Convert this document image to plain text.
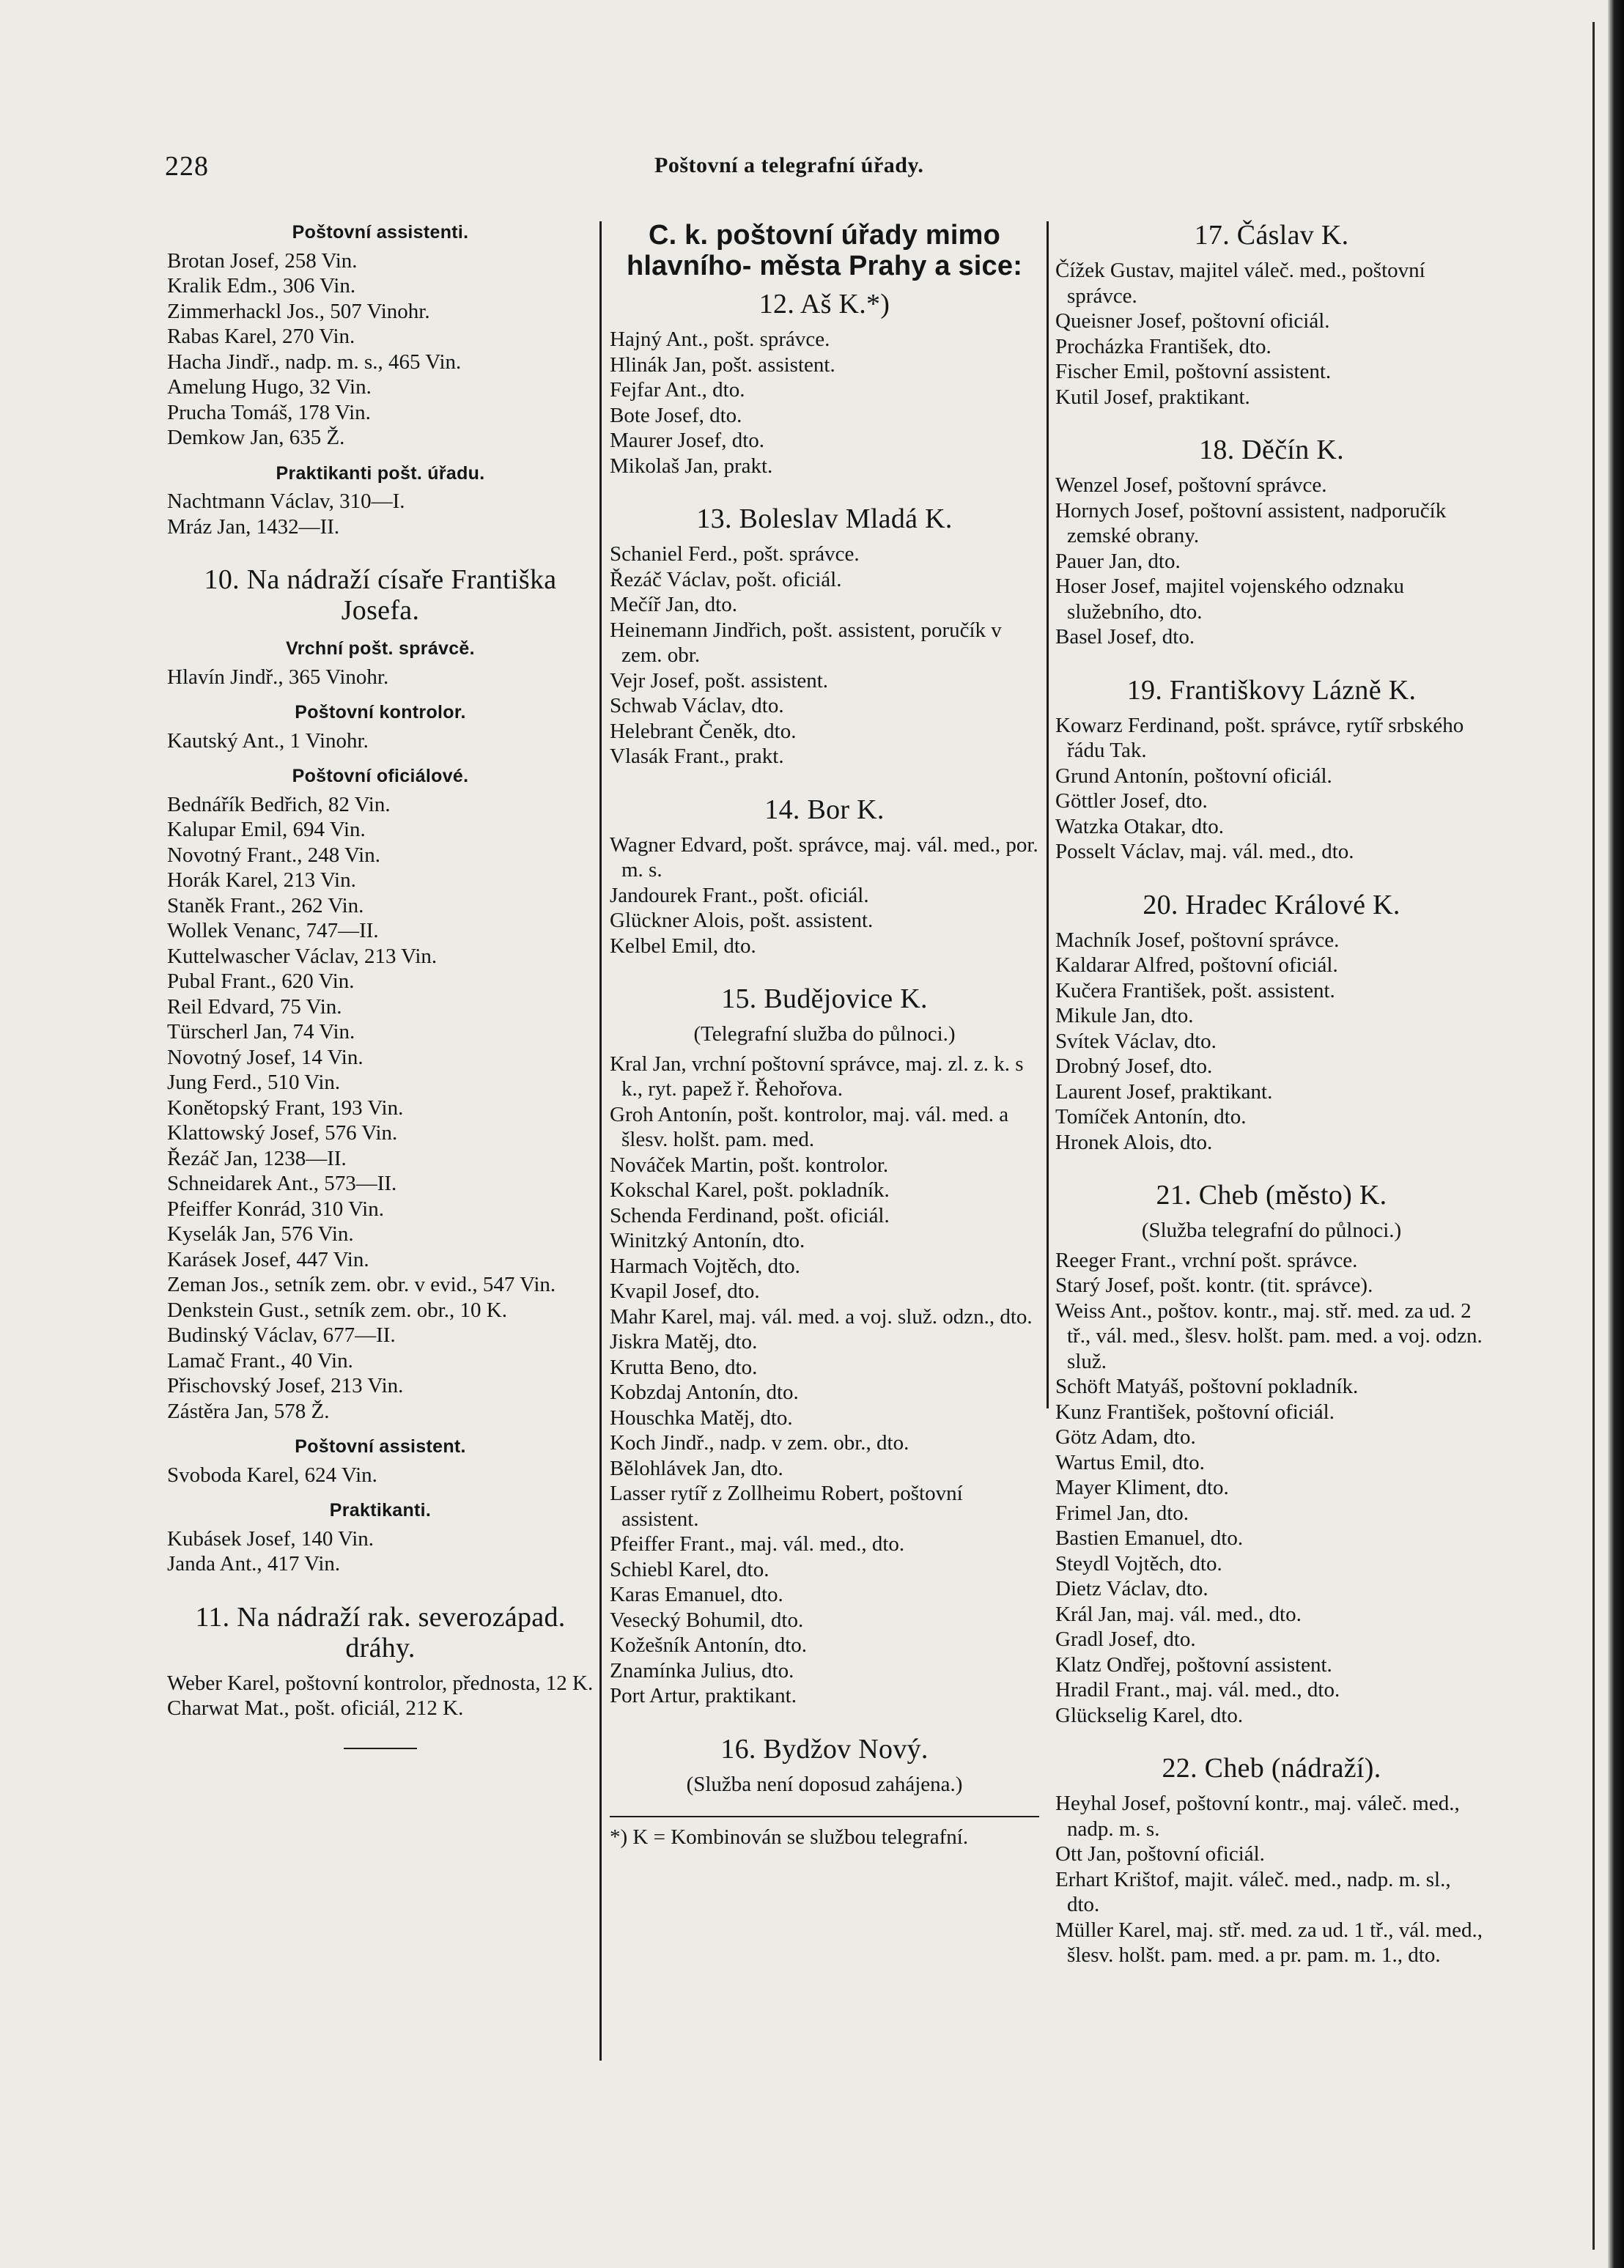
228	Poštovní a telegrafní úřady.
Poštovní assistenti.
Brotan Josef, 258 Vin.
Kralik Edm., 306 Vin.
Zimmerhackl Jos., 507 Vinohr.
Rabas Karel, 270 Vin.
Hacha Jindř., nadp. m. s., 465 Vin.
Amelung Hugo, 32 Vin.
Prucha Tomáš, 178 Vin.
Demkow Jan, 635 Ž.
Praktikanti pošt. úřadu.
Nachtmann Václav, 310—I.
Mráz Jan, 1432—II.
10. Na nádraží císaře Františka Josefa.
Vrchní pošt. správcě.
Hlavín Jindř., 365 Vinohr.
Poštovní kontrolor.
Kautský Ant., 1 Vinohr.
Poštovní oficiálové.
Bednářík Bedřich, 82 Vin.
Kalupar Emil, 694 Vin.
Novotný Frant., 248 Vin.
Horák Karel, 213 Vin.
Staněk Frant., 262 Vin.
Wollek Venanc, 747—II.
Kuttelwascher Václav, 213 Vin.
Pubal Frant., 620 Vin.
Reil Edvard, 75 Vin.
Türscherl Jan, 74 Vin.
Novotný Josef, 14 Vin.
Jung Ferd., 510 Vin.
Konětopský Frant, 193 Vin.
Klattowský Josef, 576 Vin.
Řezáč Jan, 1238—II.
Schneidarek Ant., 573—II.
Pfeiffer Konrád, 310 Vin.
Kyselák Jan, 576 Vin.
Karásek Josef, 447 Vin.
Zeman Jos., setník zem. obr. v evid., 547 Vin.
Denkstein Gust., setník zem. obr., 10 K.
Budinský Václav, 677—II.
Lamač Frant., 40 Vin.
Přischovský Josef, 213 Vin.
Zástěra Jan, 578 Ž.
Poštovní assistent.
Svoboda Karel, 624 Vin.
Praktikanti.
Kubásek Josef, 140 Vin.
Janda Ant., 417 Vin.
11. Na nádraží rak. severozápad. dráhy.
Weber Karel, poštovní kontrolor, přednosta, 12 K.
Charwat Mat., pošt. oficiál, 212 K.
C. k. poštovní úřady mimo hlavního- města Prahy a sice:
12. Aš K.*)
Hajný Ant., pošt. správce.
Hlinák Jan, pošt. assistent.
Fejfar Ant., dto.
Bote Josef, dto.
Maurer Josef, dto.
Mikolaš Jan, prakt.
13. Boleslav Mladá K.
Schaniel Ferd., pošt. správce.
Řezáč Václav, pošt. oficiál.
Mečíř Jan, dto.
Heinemann Jindřich, pošt. assistent, poručík v zem. obr.
Vejr Josef, pošt. assistent.
Schwab Václav, dto.
Helebrant Čeněk, dto.
Vlasák Frant., prakt.
14. Bor K.
Wagner Edvard, pošt. správce, maj. vál. med., por. m. s.
Jandourek Frant., pošt. oficiál.
Glückner Alois, pošt. assistent.
Kelbel Emil, dto.
15. Budějovice K.
(Telegrafní služba do půlnoci.)
Kral Jan, vrchní poštovní správce, maj. zl. z. k. s k., ryt. papež ř. Řehořova.
Groh Antonín, pošt. kontrolor, maj. vál. med. a šlesv. holšt. pam. med.
Nováček Martin, pošt. kontrolor.
Kokschal Karel, pošt. pokladník.
Schenda Ferdinand, pošt. oficiál.
Winitzký Antonín, dto.
Harmach Vojtěch, dto.
Kvapil Josef, dto.
Mahr Karel, maj. vál. med. a voj. služ. odzn., dto.
Jiskra Matěj, dto.
Krutta Beno, dto.
Kobzdaj Antonín, dto.
Houschka Matěj, dto.
Koch Jindř., nadp. v zem. obr., dto.
Bělohlávek Jan, dto.
Lasser rytíř z Zollheimu Robert, poštovní assistent.
Pfeiffer Frant., maj. vál. med., dto.
Schiebl Karel, dto.
Karas Emanuel, dto.
Vesecký Bohumil, dto.
Kožešník Antonín, dto.
Znamínka Julius, dto.
Port Artur, praktikant.
16. Bydžov Nový.
(Služba není doposud zahájena.)
*) K = Kombinován se službou telegrafní.
17. Čáslav K.
Čížek Gustav, majitel váleč. med., poštovní správce.
Queisner Josef, poštovní oficiál.
Procházka František, dto.
Fischer Emil, poštovní assistent.
Kutil Josef, praktikant.
18. Děčín K.
Wenzel Josef, poštovní správce.
Hornych Josef, poštovní assistent, nadporučík zemské obrany.
Pauer Jan, dto.
Hoser Josef, majitel vojenského odznaku služebního, dto.
Basel Josef, dto.
19. Františkovy Lázně K.
Kowarz Ferdinand, pošt. správce, rytíř srbského řádu Tak.
Grund Antonín, poštovní oficiál.
Göttler Josef, dto.
Watzka Otakar, dto.
Posselt Václav, maj. vál. med., dto.
20. Hradec Králové K.
Machník Josef, poštovní správce.
Kaldarar Alfred, poštovní oficiál.
Kučera František, pošt. assistent.
Mikule Jan, dto.
Svítek Václav, dto.
Drobný Josef, dto.
Laurent Josef, praktikant.
Tomíček Antonín, dto.
Hronek Alois, dto.
21. Cheb (město) K.
(Služba telegrafní do půlnoci.)
Reeger Frant., vrchní pošt. správce.
Starý Josef, pošt. kontr. (tit. správce).
Weiss Ant., poštov. kontr., maj. stř. med. za ud. 2 tř., vál. med., šlesv. holšt. pam. med. a voj. odzn. služ.
Schöft Matyáš, poštovní pokladník.
Kunz František, poštovní oficiál.
Götz Adam, dto.
Wartus Emil, dto.
Mayer Kliment, dto.
Frimel Jan, dto.
Bastien Emanuel, dto.
Steydl Vojtěch, dto.
Dietz Václav, dto.
Král Jan, maj. vál. med., dto.
Gradl Josef, dto.
Klatz Ondřej, poštovní assistent.
Hradil Frant., maj. vál. med., dto.
Glückselig Karel, dto.
22. Cheb (nádraží).
Heyhal Josef, poštovní kontr., maj. váleč. med., nadp. m. s.
Ott Jan, poštovní oficiál.
Erhart Krištof, majit. váleč. med., nadp. m. sl., dto.
Müller Karel, maj. stř. med. za ud. 1 tř., vál. med., šlesv. holšt. pam. med. a pr. pam. m. 1., dto.
